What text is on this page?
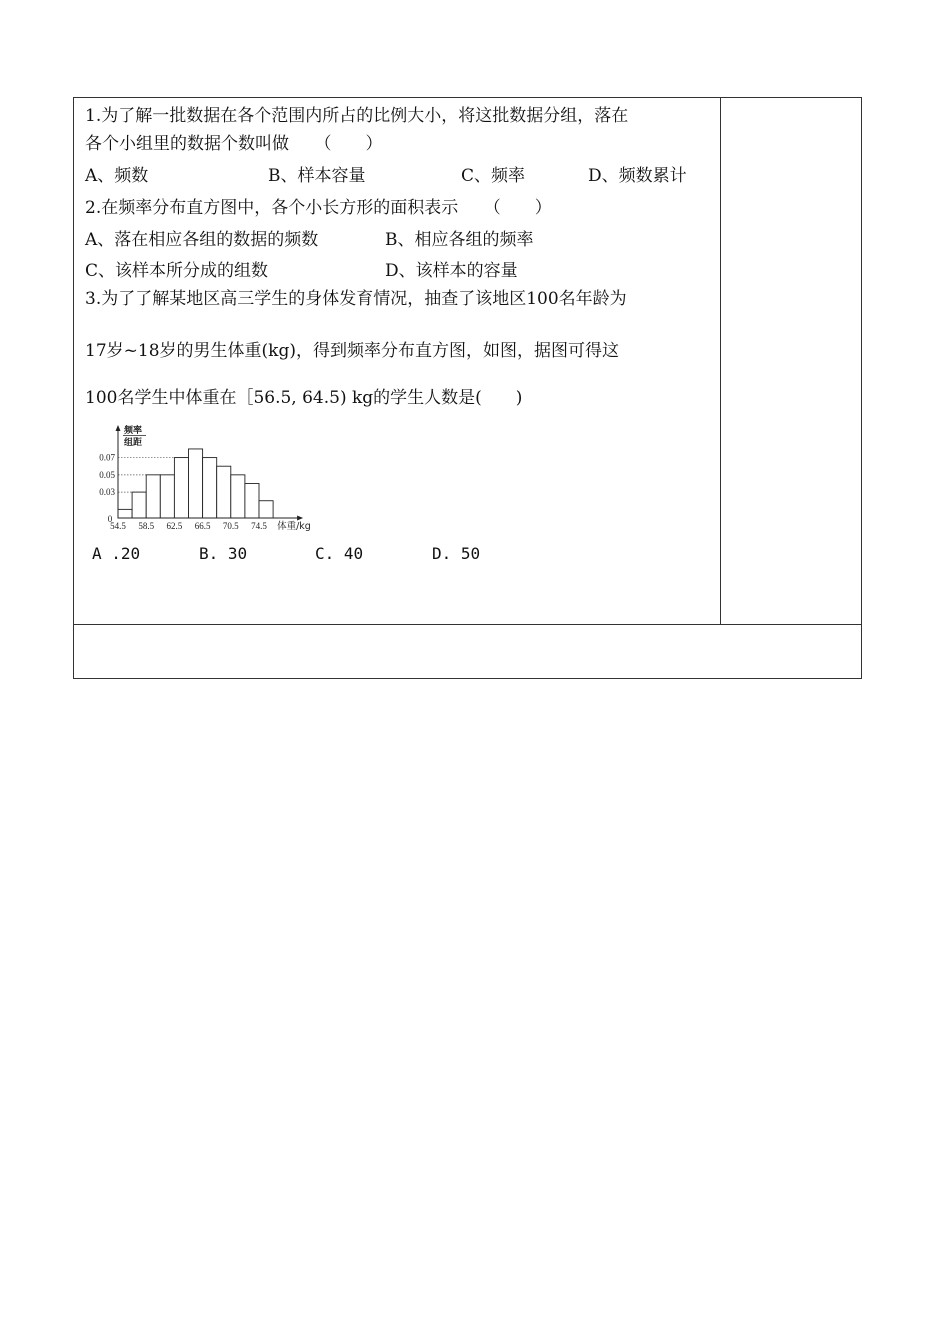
1.为了解一批数据在各个范围内所占的比例大小，将这批数据分组，落在
各个小组里的数据个数叫做　　（　　）
A、频数	B、样本容量	C、频率	D、频数累计
2.在频率分布直方图中，各个小长方形的面积表示　　（　　）
A、落在相应各组的数据的频数	B、相应各组的频率
C、该样本所分成的组数	D、该样本的容量
3.为了了解某地区高三学生的身体发育情况，抽查了该地区100名年龄为
17岁~18岁的男生体重(kg)，得到频率分布直方图，如图，据图可得这
100名学生中体重在［56.5, 64.5) kg的学生人数是(　　)
0.07
0.05
0.03
54.5 58.5 62.5 66.5 70.5 74.5
0
频率
组距
体重/kg
A .20	B. 30	C. 40	D. 50
